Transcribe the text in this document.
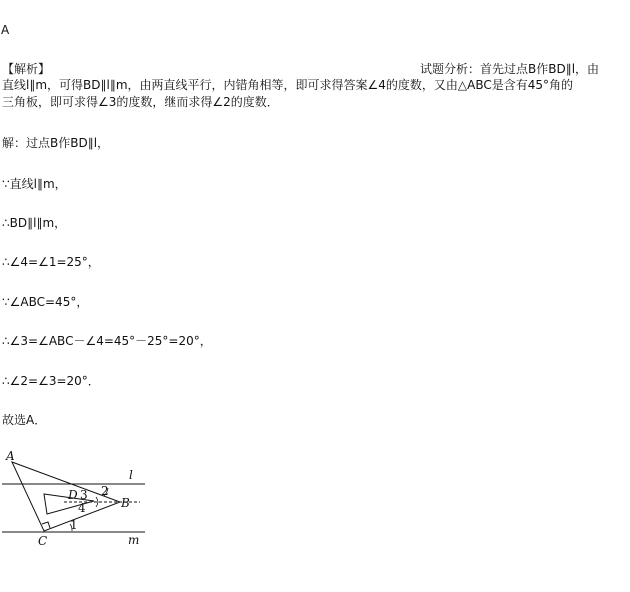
A
【解析】	试题分析：首先过点B作BD∥l，由
直线l∥m，可得BD∥l∥m，由两直线平行，内错角相等，即可求得答案∠4的度数，又由△ABC是含有45°角的
三角板，即可求得∠3的度数，继而求得∠2的度数．
解：过点B作BD∥l，
∵直线l∥m，
∴BD∥l∥m，
∴∠4=∠1=25°，
∵∠ABC=45°，
∴∠3=∠ABC－∠4=45°－25°=20°，
∴∠2=∠3=20°．
故选A．
A
B
C
D
l
m
1
2
3
4
